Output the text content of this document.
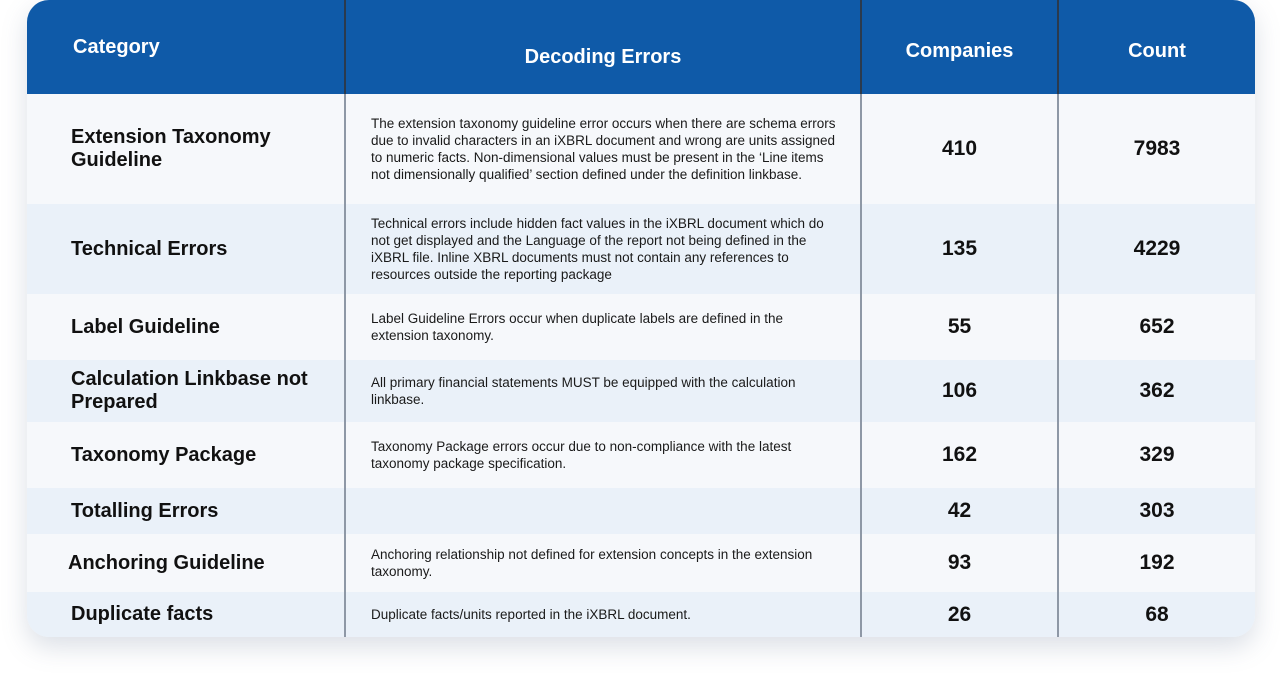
Category	Decoding Errors	Companies	Count
Extension Taxonomy Guideline	The extension taxonomy guideline error occurs when there are schema errors due to invalid characters in an iXBRL document and wrong are units assigned to numeric facts. Non-dimensional values must be present in the ‘Line items not dimensionally qualified’ section defined under the definition linkbase.	410	7983
Technical Errors	Technical errors include hidden fact values in the iXBRL document which do not get displayed and the Language of the report not being defined in the iXBRL file. Inline XBRL documents must not contain any references to resources outside the reporting package	135	4229
Label Guideline	Label Guideline Errors occur when duplicate labels are defined in the extension taxonomy.	55	652
Calculation Linkbase not Prepared	All primary financial statements MUST be equipped with the calculation linkbase.	106	362
Taxonomy Package	Taxonomy Package errors occur due to non-compliance with the latest taxonomy package specification.	162	329
Totalling Errors		42	303
Anchoring Guideline	Anchoring relationship not defined for extension concepts in the extension taxonomy.	93	192
Duplicate facts	Duplicate facts/units reported in the iXBRL document.	26	68
